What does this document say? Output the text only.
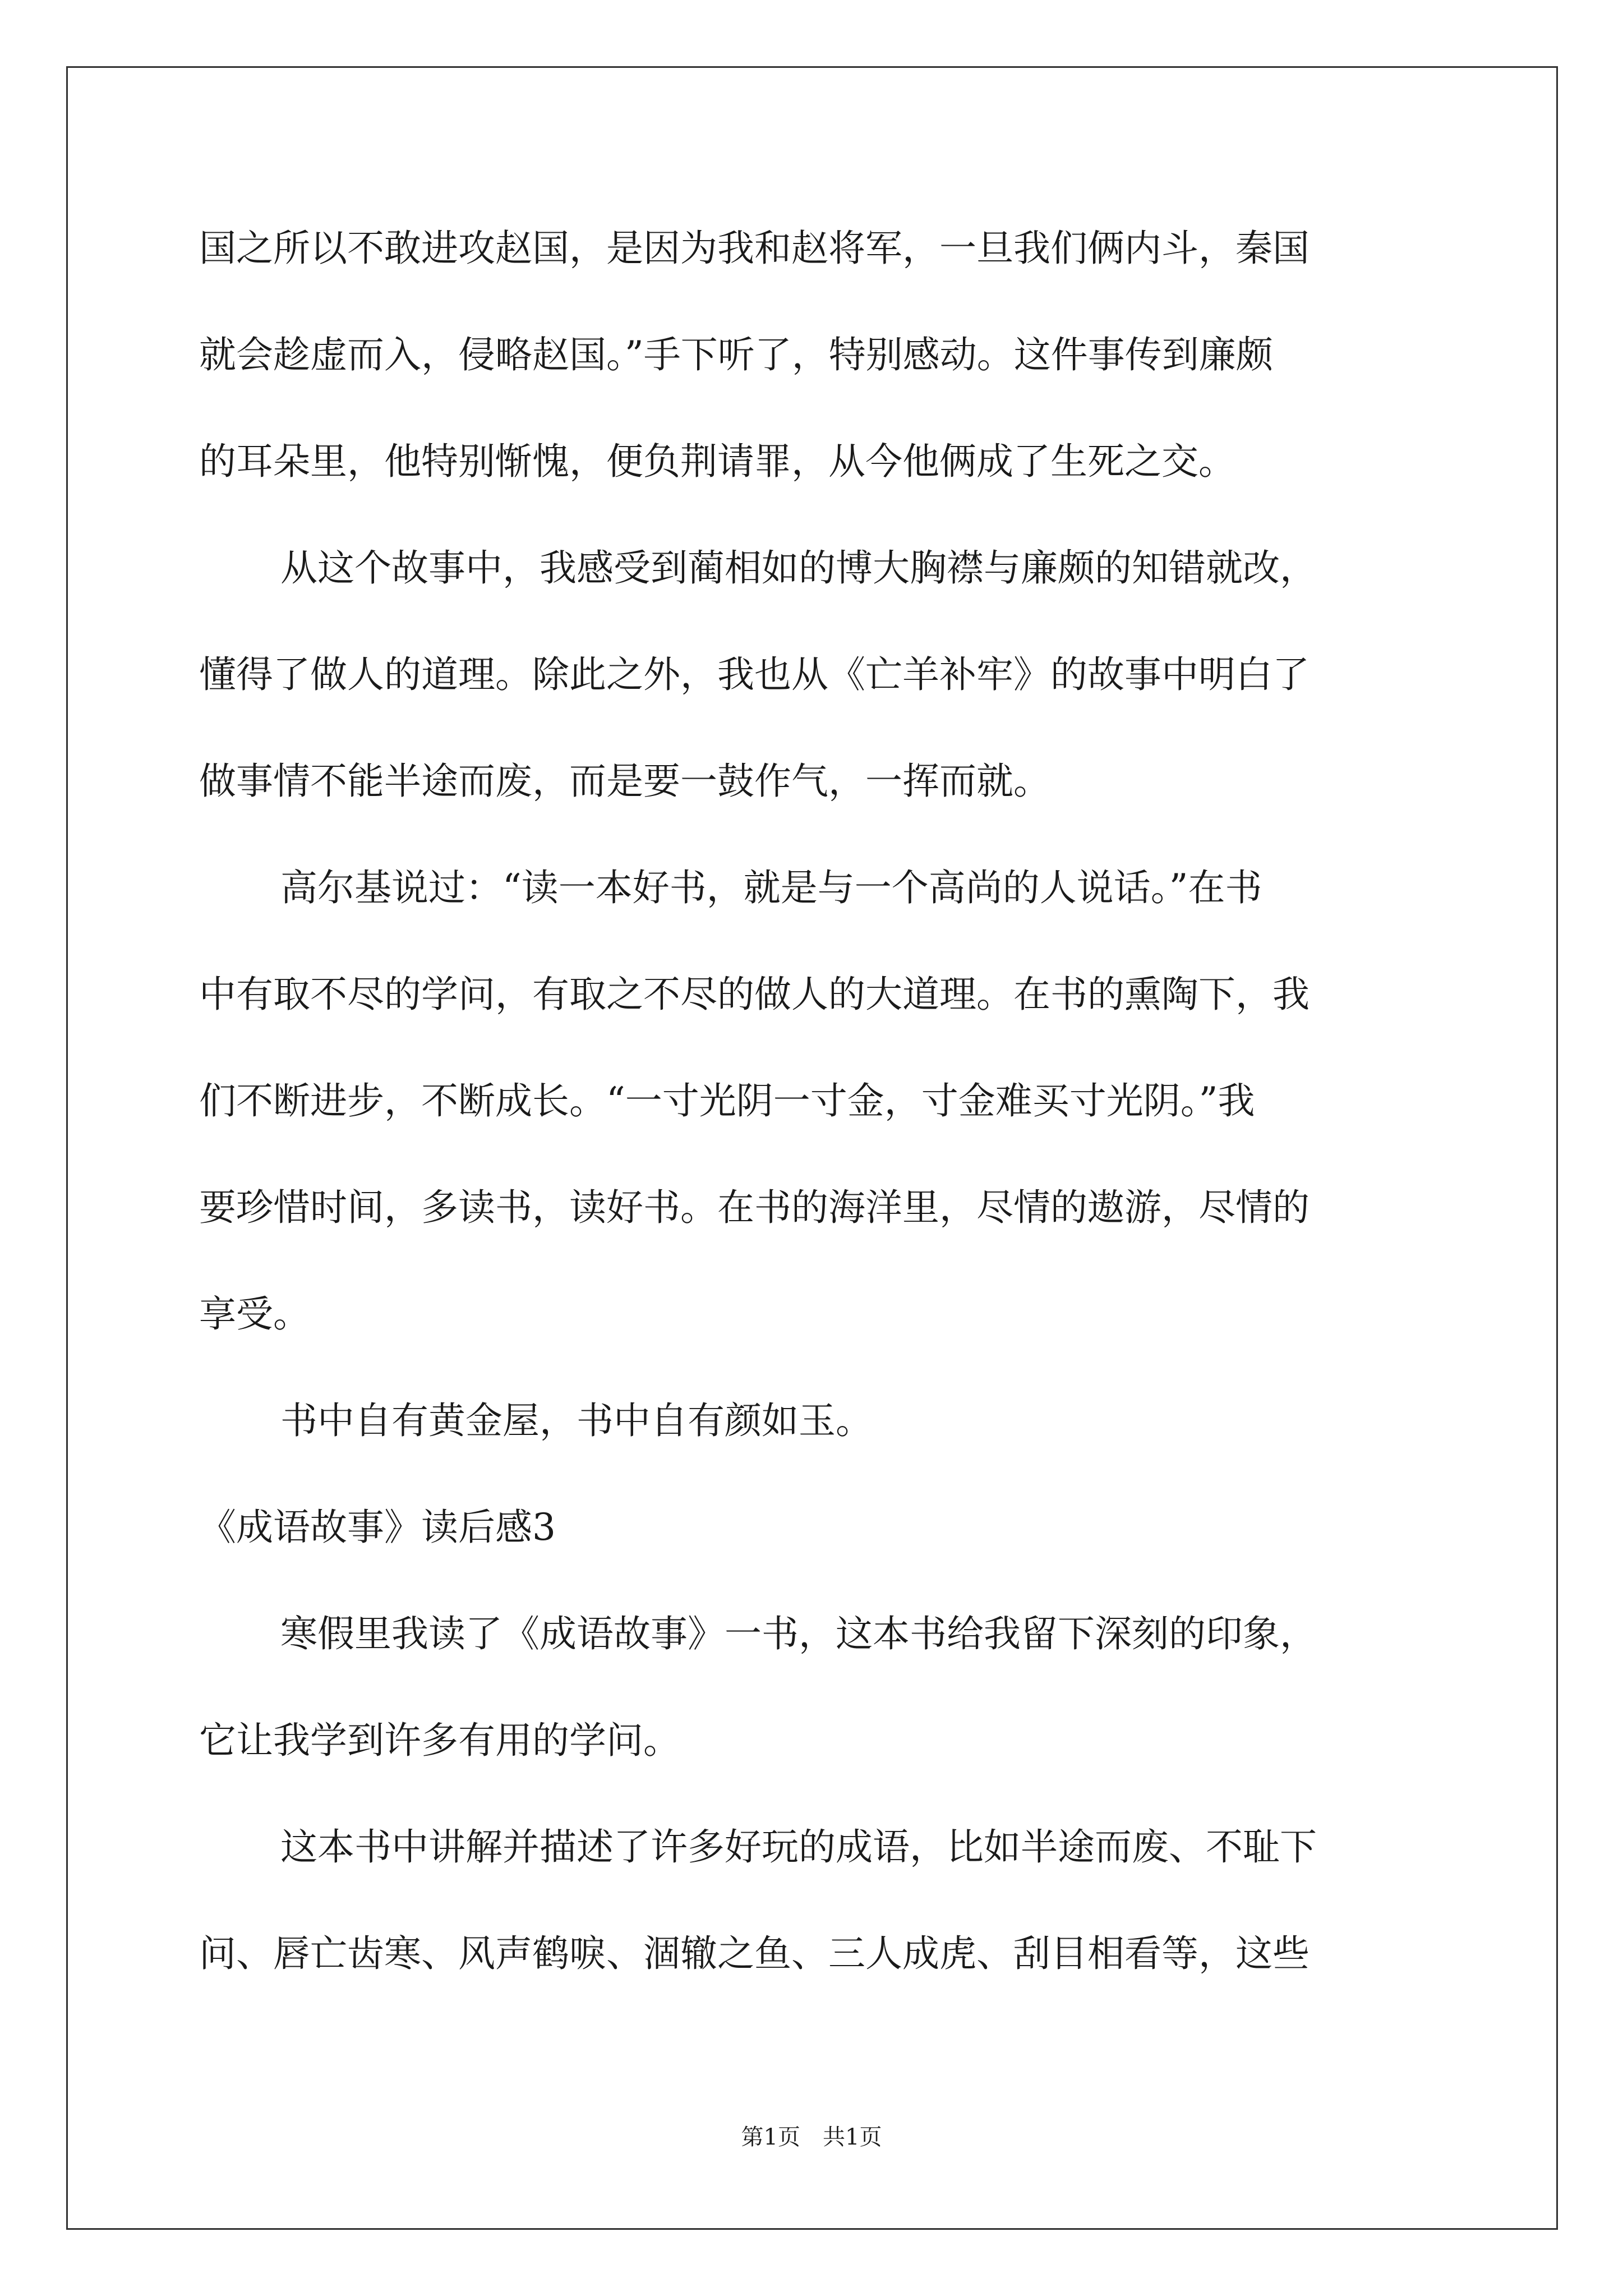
国之所以不敢进攻赵国，是因为我和赵将军，一旦我们俩内斗，秦国
就会趁虚而入，侵略赵国。”手下听了，特别感动。这件事传到廉颇
的耳朵里，他特别惭愧，便负荆请罪，从今他俩成了生死之交。
从这个故事中，我感受到蔺相如的博大胸襟与廉颇的知错就改，
懂得了做人的道理。除此之外，我也从《亡羊补牢》的故事中明白了
做事情不能半途而废，而是要一鼓作气，一挥而就。
高尔基说过：“读一本好书，就是与一个高尚的人说话。”在书
中有取不尽的学问，有取之不尽的做人的大道理。在书的熏陶下，我
们不断进步，不断成长。“一寸光阴一寸金，寸金难买寸光阴。”我
要珍惜时间，多读书，读好书。在书的海洋里，尽情的遨游，尽情的
享受。
书中自有黄金屋，书中自有颜如玉。
《成语故事》读后感3
寒假里我读了《成语故事》一书，这本书给我留下深刻的印象，
它让我学到许多有用的学问。
这本书中讲解并描述了许多好玩的成语，比如半途而废、不耻下
问、唇亡齿寒、风声鹤唳、涸辙之鱼、三人成虎、刮目相看等，这些
第1页　共1页
